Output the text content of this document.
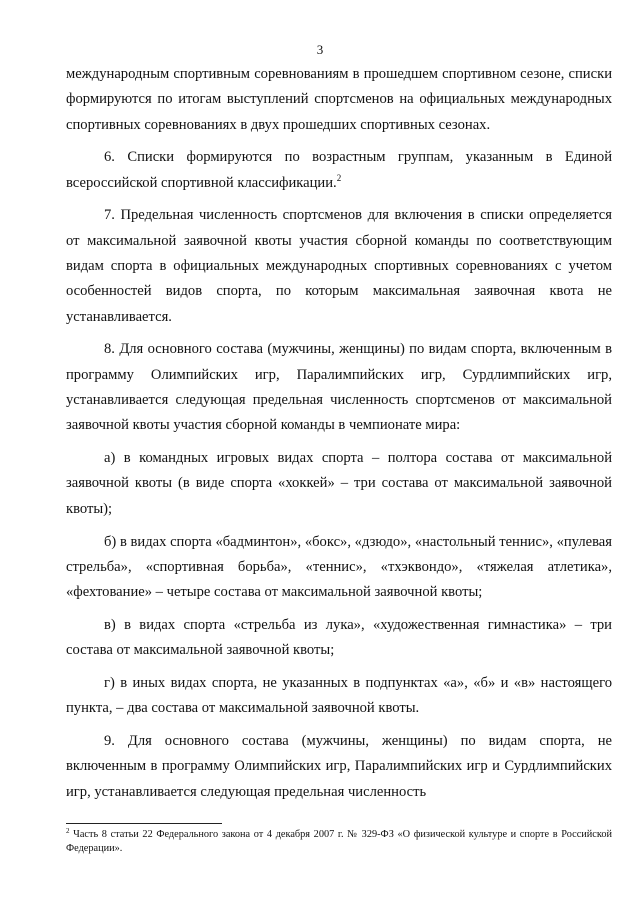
3

международным спортивным соревнованиям в прошедшем спортивном сезоне, списки формируются по итогам выступлений спортсменов на официальных международных спортивных соревнованиях в двух прошедших спортивных сезонах.

6. Списки формируются по возрастным группам, указанным в Единой всероссийской спортивной классификации.$^2$

7. Предельная численность спортсменов для включения в списки определяется от максимальной заявочной квоты участия сборной команды по соответствующим видам спорта в официальных международных спортивных соревнованиях с учетом особенностей видов спорта, по которым максимальная заявочная квота не устанавливается.

8. Для основного состава (мужчины, женщины) по видам спорта, включенным в программу Олимпийских игр, Паралимпийских игр, Сурдлимпийских игр, устанавливается следующая предельная численность спортсменов от максимальной заявочной квоты участия сборной команды в чемпионате мира:

а) в командных игровых видах спорта – полтора состава от максимальной заявочной квоты (в виде спорта «хоккей» – три состава от максимальной заявочной квоты);

б) в видах спорта «бадминтон», «бокс», «дзюдо», «настольный теннис», «пулевая стрельба», «спортивная борьба», «теннис», «тхэквондо», «тяжелая атлетика», «фехтование» – четыре состава от максимальной заявочной квоты;

в) в видах спорта «стрельба из лука», «художественная гимнастика» – три состава от максимальной заявочной квоты;

г) в иных видах спорта, не указанных в подпунктах «а», «б» и «в» настоящего пункта, – два состава от максимальной заявочной квоты.

9. Для основного состава (мужчины, женщины) по видам спорта, не включенным в программу Олимпийских игр, Паралимпийских игр и Сурдлимпийских игр, устанавливается следующая предельная численность

$^2$ Часть 8 статьи 22 Федерального закона от 4 декабря 2007 г. № 329-ФЗ «О физической культуре и спорте в Российской Федерации».
